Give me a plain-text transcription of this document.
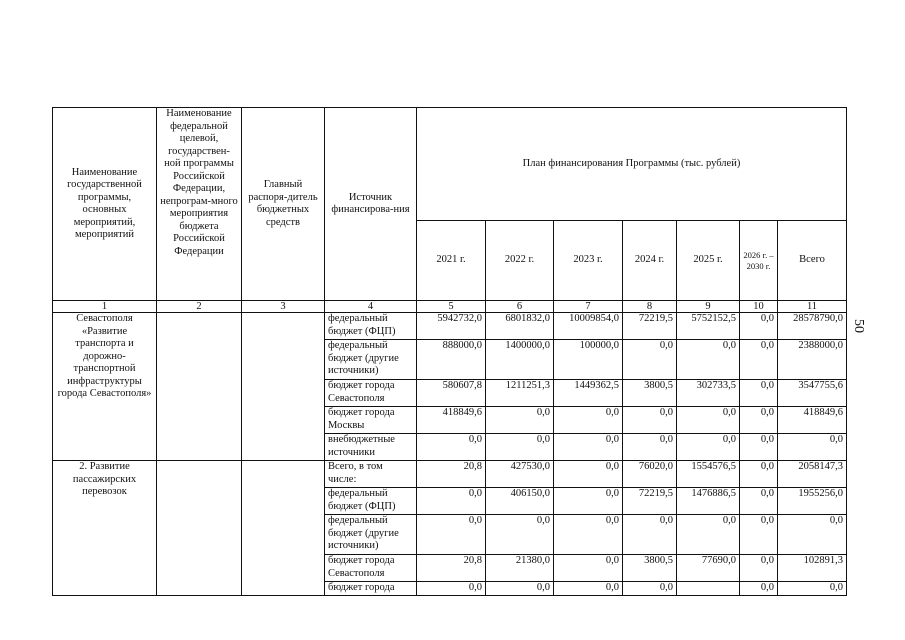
50
Наименование государственной программы, основных мероприятий, мероприятий	Наименование федеральной целевой, государствен-ной программы Российской Федерации, непрограм-много мероприятия бюджета Российской Федерации	Главный распоря-дитель бюджетных средств	Источник финансирова-ния	План финансирования Программы (тыс. рублей)						
				2021 г.	2022 г.	2023 г.	2024 г.	2025 г.	2026 г. – 2030 г.	Всего
1	2	3	4	5	6	7	8	9	10	11
Севастополя «Развитие транспорта и дорожно-транспортной инфраструктуры города Севастополя»			федеральный бюджет (ФЦП)	5942732,0	6801832,0	10009854,0	72219,5	5752152,5	0,0	28578790,0
			федеральный бюджет (другие источники)	888000,0	1400000,0	100000,0	0,0	0,0	0,0	2388000,0
			бюджет города Севастополя	580607,8	1211251,3	1449362,5	3800,5	302733,5	0,0	3547755,6
			бюджет города Москвы	418849,6	0,0	0,0	0,0	0,0	0,0	418849,6
			внебюджетные источники	0,0	0,0	0,0	0,0	0,0	0,0	0,0
2. Развитие пассажирских перевозок			Всего, в том числе:	20,8	427530,0	0,0	76020,0	1554576,5	0,0	2058147,3
			федеральный бюджет (ФЦП)	0,0	406150,0	0,0	72219,5	1476886,5	0,0	1955256,0
			федеральный бюджет (другие источники)	0,0	0,0	0,0	0,0	0,0	0,0	0,0
			бюджет города Севастополя	20,8	21380,0	0,0	3800,5	77690,0	0,0	102891,3
			бюджет города	0,0	0,0	0,0	0,0		0,0	0,0
